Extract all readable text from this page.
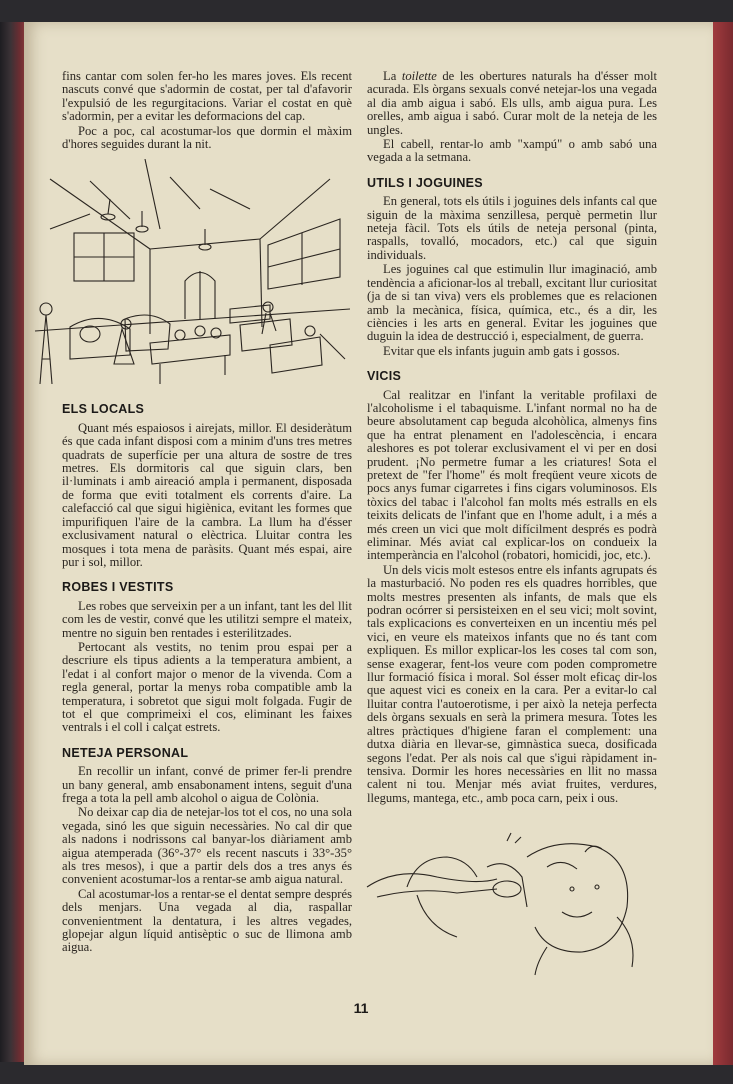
fins cantar com solen fer-ho les mares joves. Els recent nascuts convé que s'adormin de costat, per tal d'afavorir l'expulsió de les regurgitacions. Variar el costat en què s'adormin, per a evitar les deformacions del cap.

Poc a poc, cal acostumar-los que dormin el màxim d'hores seguides durant la nit.

ELS LOCALS

Quant més espaiosos i airejats, millor. El desideràtum és que cada infant disposi com a minim d'uns tres metres quadrats de superfície per una altura de sostre de tres metres. Els dormitoris cal que siguin clars, ben il·luminats i amb aireació ampla i permanent, disposada de forma que eviti totalment els corrents d'aire. La calefacció cal que sigui higiènica, evitant les formes que impurifiquen l'aire de la cambra. La llum ha d'ésser exclusivament natural o elèctrica. Lluitar contra les mosques i tota mena de paràsits. Quant més espai, aire pur i sol, millor.

ROBES I VESTITS

Les robes que serveixin per a un infant, tant les del llit com les de vestir, convé que les utilitzi sempre el mateix, mentre no siguin ben rentades i esterilitzades.

Pertocant als vestits, no tenim prou espai per a descriure els tipus adients a la temperatura ambient, a l'edat i al confort major o menor de la vivenda. Com a regla general, portar la menys roba compatible amb la temperatura, i sobretot que sigui molt folgada. Fugir de tot el que comprimeixi el cos, eliminant les faixes ventrals i el coll i calçat estrets.

NETEJA PERSONAL

En recollir un infant, convé de primer fer-li prendre un bany general, amb ensabonament intens, seguit d'una frega a tota la pell amb alcohol o aigua de Colònia.

No deixar cap dia de netejar-los tot el cos, no una sola vegada, sinó les que siguin necessàries. No cal dir que als nadons i nodrissons cal banyar-los diàriament amb aigua atemperada (36°-37° els recent nascuts i 33°-35° als tres mesos), i que a partir dels dos a tres anys és convenient acostumar-los a rentar-se amb aigua natural.

Cal acostumar-los a rentar-se el dentat sempre després dels menjars. Una vegada al dia, raspallar convenientment la dentatura, i les altres vegades, glopejar algun líquid antisèptic o suc de llimona amb aigua.

La toilette de les obertures naturals ha d'ésser molt acurada. Els òrgans sexuals convé netejar-los una vegada al dia amb aigua i sabó. Els ulls, amb aigua pura. Les orelles, amb aigua i sabó. Curar molt de la neteja de les ungles.

El cabell, rentar-lo amb "xampú" o amb sabó una vegada a la setmana.

UTILS I JOGUINES

En general, tots els útils i joguines dels infants cal que siguin de la màxima senzillesa, perquè permetin llur neteja fàcil. Tots els útils de neteja personal (pinta, raspalls, tovalló, mocadors, etc.) cal que siguin individuals.

Les joguines cal que estimulin llur imaginació, amb tendència a aficionar-los al treball, excitant llur curiositat (ja de si tan viva) vers els problemes que es relacionen amb la mecànica, física, química, etc., és a dir, les ciències i les arts en general. Evitar les joguines que duguin la idea de destrucció i, especialment, de guerra.

Evitar que els infants juguin amb gats i gossos.

VICIS

Cal realitzar en l'infant la veritable profilaxi de l'alcoholisme i el tabaquisme. L'infant normal no ha de beure absolutament cap beguda alcohòlica, almenys fins que ha entrat plenament en l'adolescència, i encara aleshores es pot tolerar exclusivament el vi per en dosi prudent. ¡No permetre fumar a les criatures! Sota el pretext de "fer l'home" és molt freqüent veure xicots de pocs anys fumar cigarretes i fins cigars voluminosos. Els tòxics del tabac i l'alcohol fan molts més estralls en els teixits delicats de l'infant que en l'home adult, i a més a més creen un vici que molt difícilment després es podrà eliminar. Més aviat cal explicar-los on condueix la intemperància en l'alcohol (robatori, homicidi, joc, etc.).

Un dels vicis molt estesos entre els infants agrupats és la masturbació. No poden res els quadres horribles, que molts mestres presenten als infants, de mals que els podran ocórrer si persisteixen en el seu vici; molt sovint, tals explicacions es converteixen en un incentiu més pel vici, en veure els mateixos infants que no és tant com expliquen. Es millor explicar-los les coses tal com son, sense exagerar, fent-los veure com poden comprometre llur formació física i moral. Sol ésser molt eficaç dir-los que aquest vici es coneix en la cara. Per a evitar-lo cal lluitar contra l'autoerotisme, i per això la neteja perfecta dels òrgans sexuals en serà la primera mesura. Totes les altres pràctiques d'higiene faran el complement: una dutxa diària en llevar-se, gimnàstica sueca, dosificada segons l'edat. Per als nois cal que s'igui ràpidament intensiva. Dormir les hores necessàries en llit no massa calent ni tou. Menjar més aviat fruites, verdures, llegums, mantega, etc., amb poca carn, peix i ous.

11
